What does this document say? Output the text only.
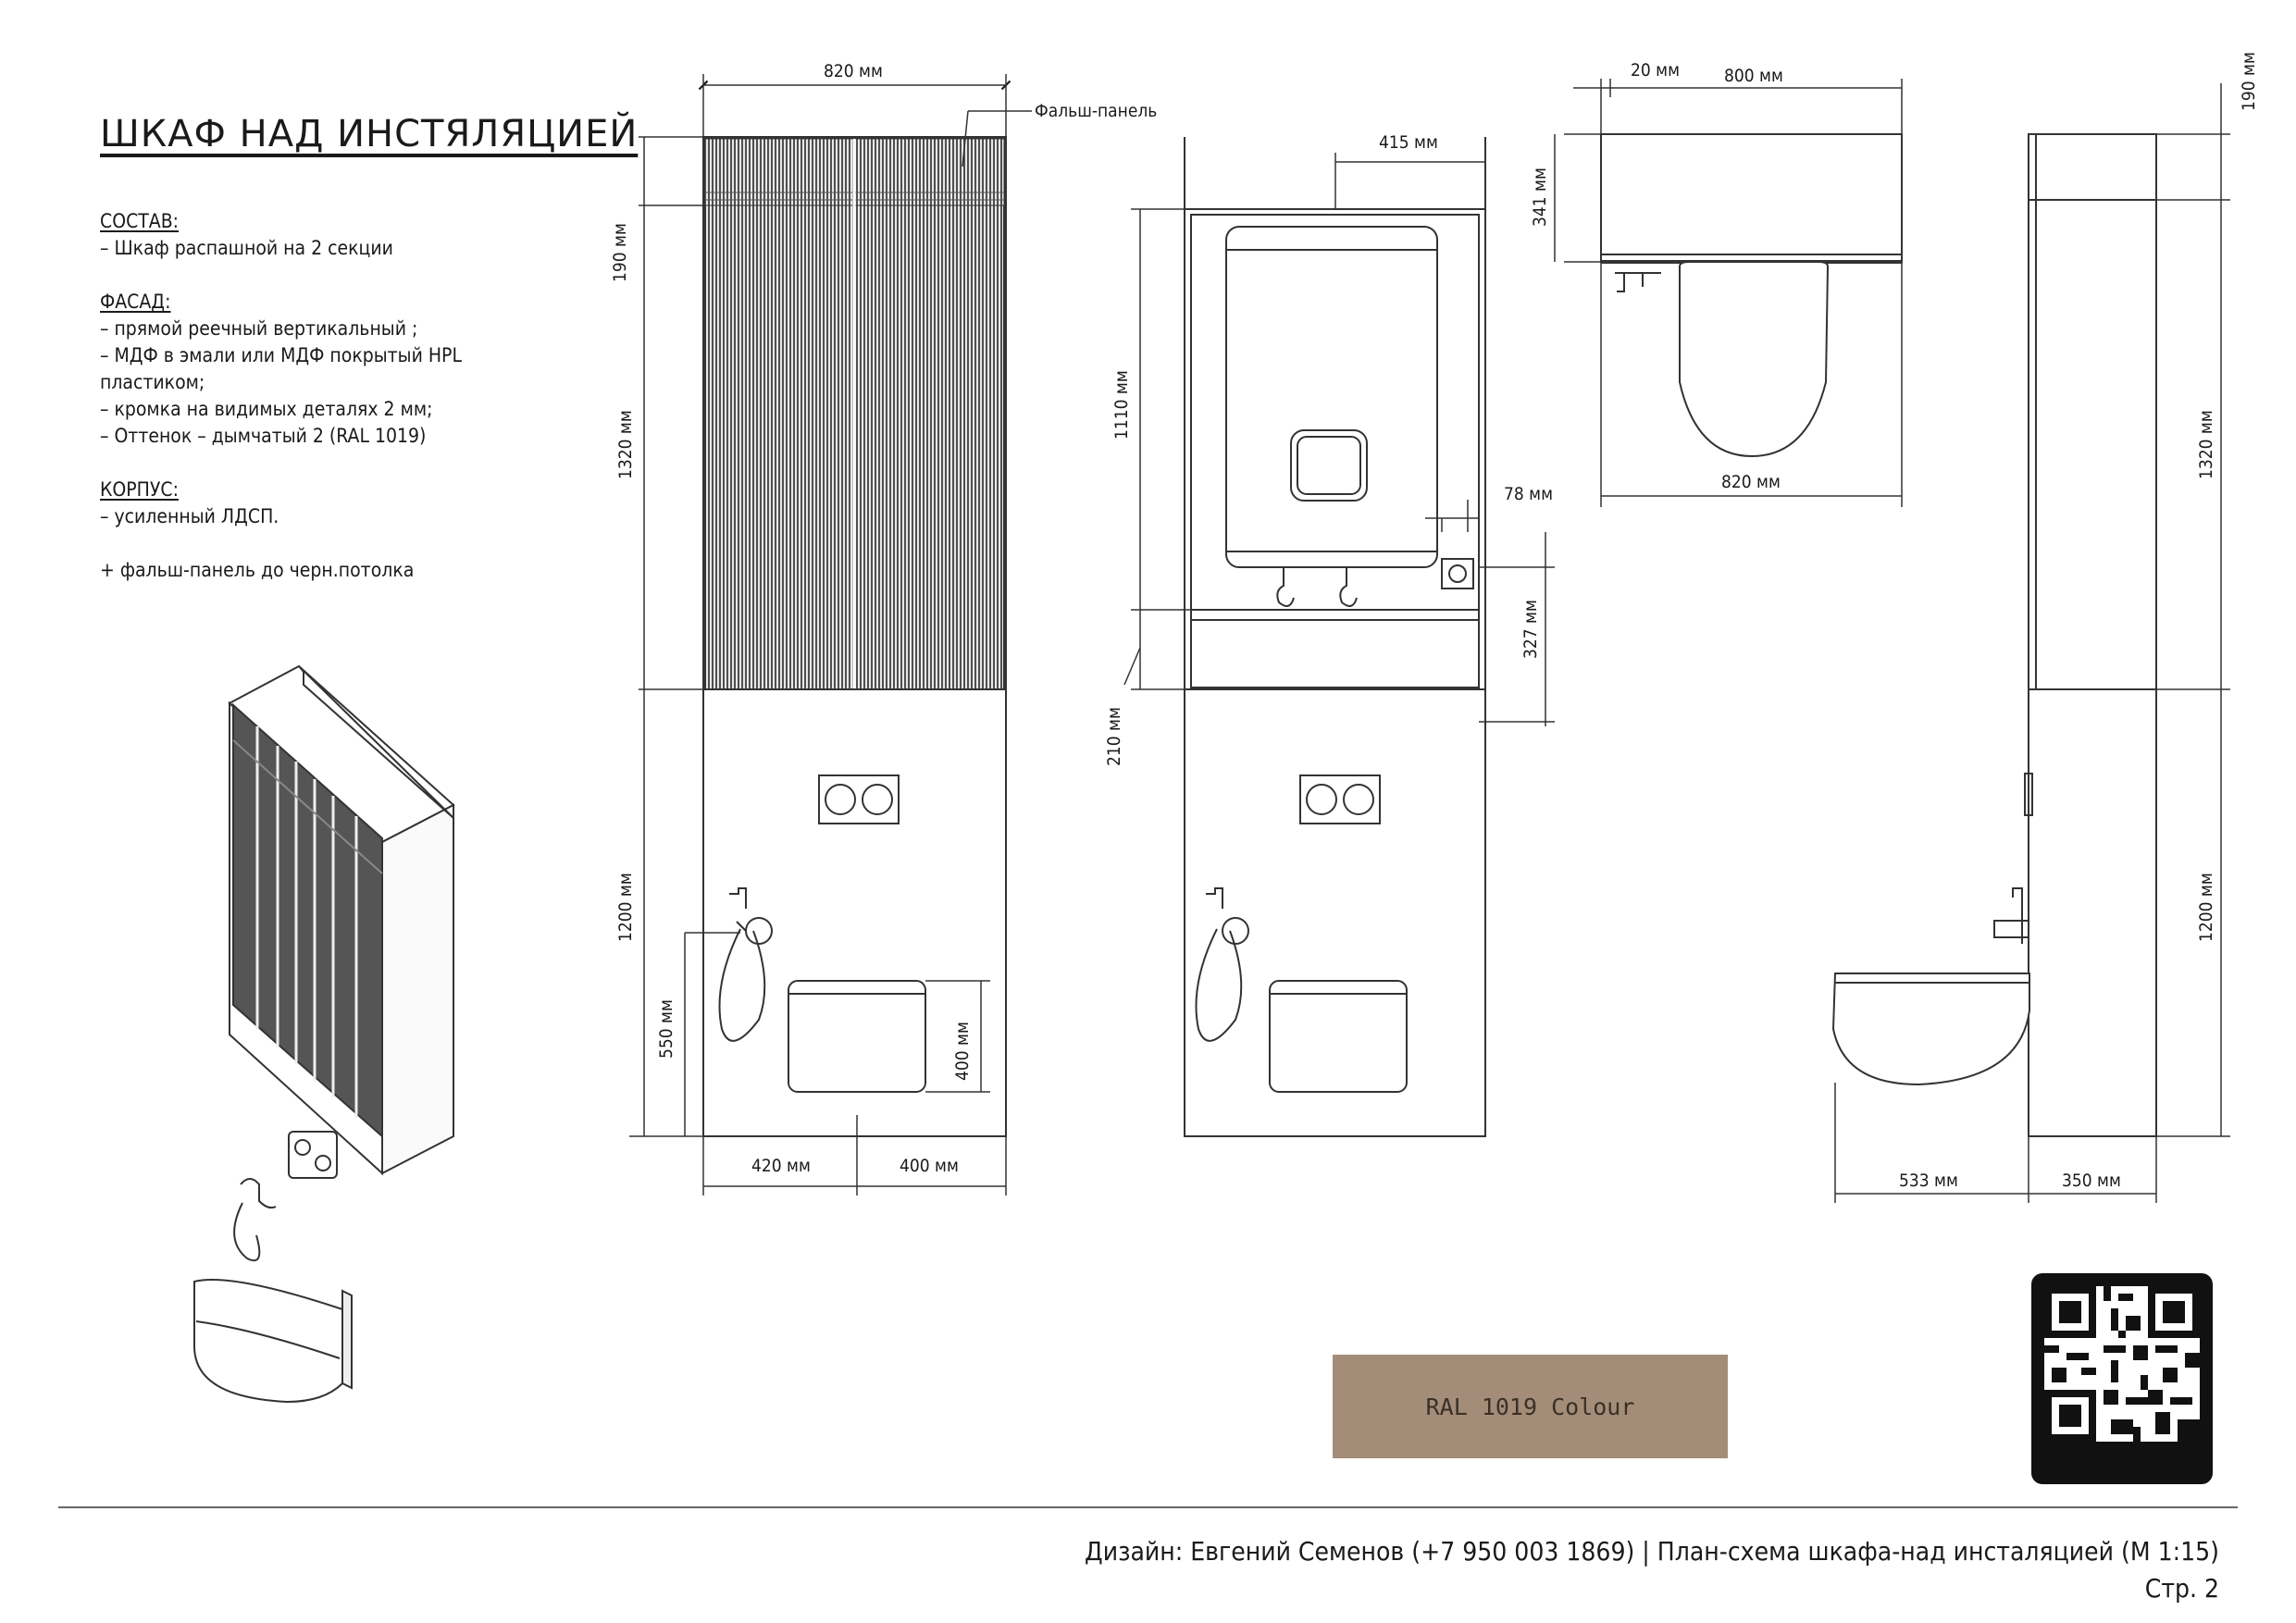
820 мм
Фальш-панель
190 мм
1320 мм
1200 мм
550 мм	400 мм
420 мм	400 мм
415 мм
1110 мм
78 мм
327 мм
210 мм
20 мм	800 мм
341 мм
820 мм
190 мм
1320 мм
1200 мм
533 мм	350 мм
ШКАФ НАД ИНСТЯЛЯЦИЕЙ
СОСТАВ:
– Шкаф распашной на 2 секции
ФАСАД:
– прямой реечный вертикальный ;
– МДФ в эмали или МДФ покрытый HPL
пластиком;
– кромка на видимых деталях 2 мм;
– Оттенок – дымчатый 2 (RAL 1019)
КОРПУС:
– усиленный ЛДСП.
+ фальш-панель до черн.потолка
RAL 1019 Colour
Дизайн: Евгений Семенов (+7 950 003 1869) | План-схема шкафа-над инсталяцией (М 1:15)
Стр. 2
